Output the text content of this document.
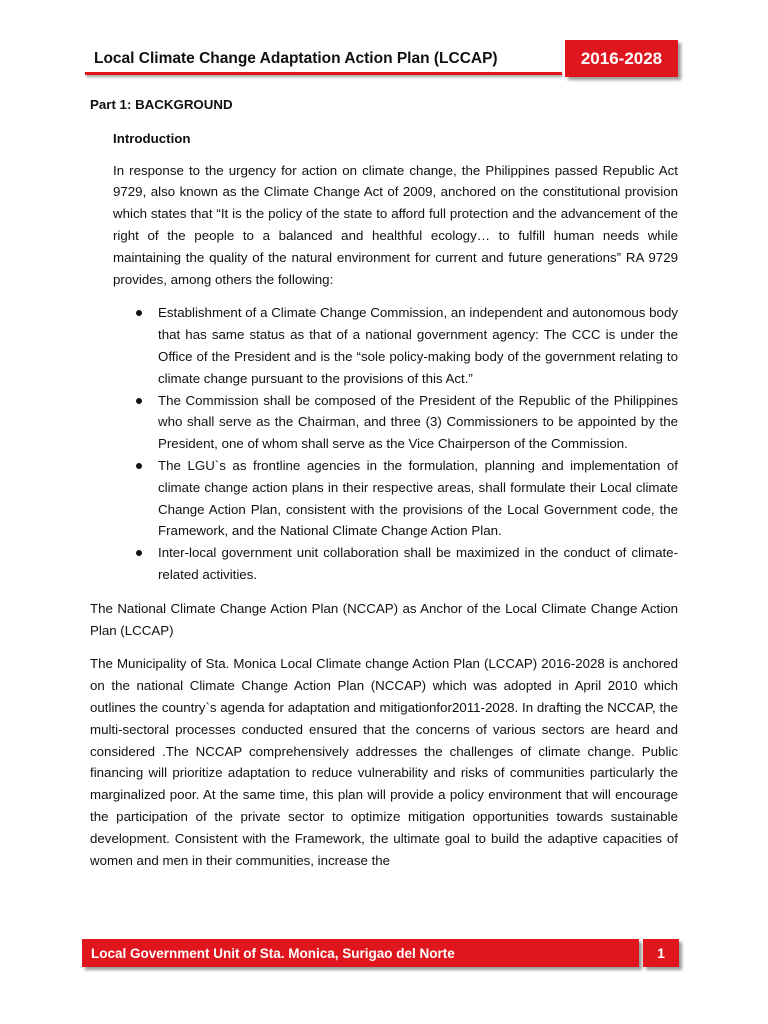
Local Climate Change Adaptation Action Plan (LCCAP)	2016-2028

Part 1: BACKGROUND

Introduction

In response to the urgency for action on climate change, the Philippines passed Republic Act 9729, also known as the Climate Change Act of 2009, anchored on the constitutional provision which states that “It is the policy of the state to afford full protection and the advancement of the right of the people to a balanced and healthful ecology… to fulfill human needs while maintaining the quality of the natural environment for current and future generations” RA 9729 provides, among others the following:

Establishment of a Climate Change Commission, an independent and autonomous body that has same status as that of a national government agency: The CCC is under the Office of the President and is the “sole policy-making body of the government relating to climate change pursuant to the provisions of this Act.”
The Commission shall be composed of the President of the Republic of the Philippines who shall serve as the Chairman, and three (3) Commissioners to be appointed by the President, one of whom shall serve as the Vice Chairperson of the Commission.
The LGU`s as frontline agencies in the formulation, planning and implementation of climate change action plans in their respective areas, shall formulate their Local climate Change Action Plan, consistent with the provisions of the Local Government code, the Framework, and the National Climate Change Action Plan.
Inter-local government unit collaboration shall be maximized in the conduct of climate-related activities.

The National Climate Change Action Plan (NCCAP) as Anchor of the Local Climate Change Action Plan (LCCAP)

The Municipality of Sta. Monica Local Climate change Action Plan (LCCAP) 2016-2028 is anchored on the national Climate Change Action Plan (NCCAP) which was adopted in April 2010 which outlines the country`s agenda for adaptation and mitigationfor2011-2028. In drafting the NCCAP, the multi-sectoral processes conducted ensured that the concerns of various sectors are heard and considered .The NCCAP comprehensively addresses the challenges of climate change. Public financing will prioritize adaptation to reduce vulnerability and risks of communities particularly the marginalized poor. At the same time, this plan will provide a policy environment that will encourage the participation of the private sector to optimize mitigation opportunities towards sustainable development. Consistent with the Framework, the ultimate goal to build the adaptive capacities of women and men in their communities, increase the

Local Government Unit of Sta. Monica, Surigao del Norte	1
